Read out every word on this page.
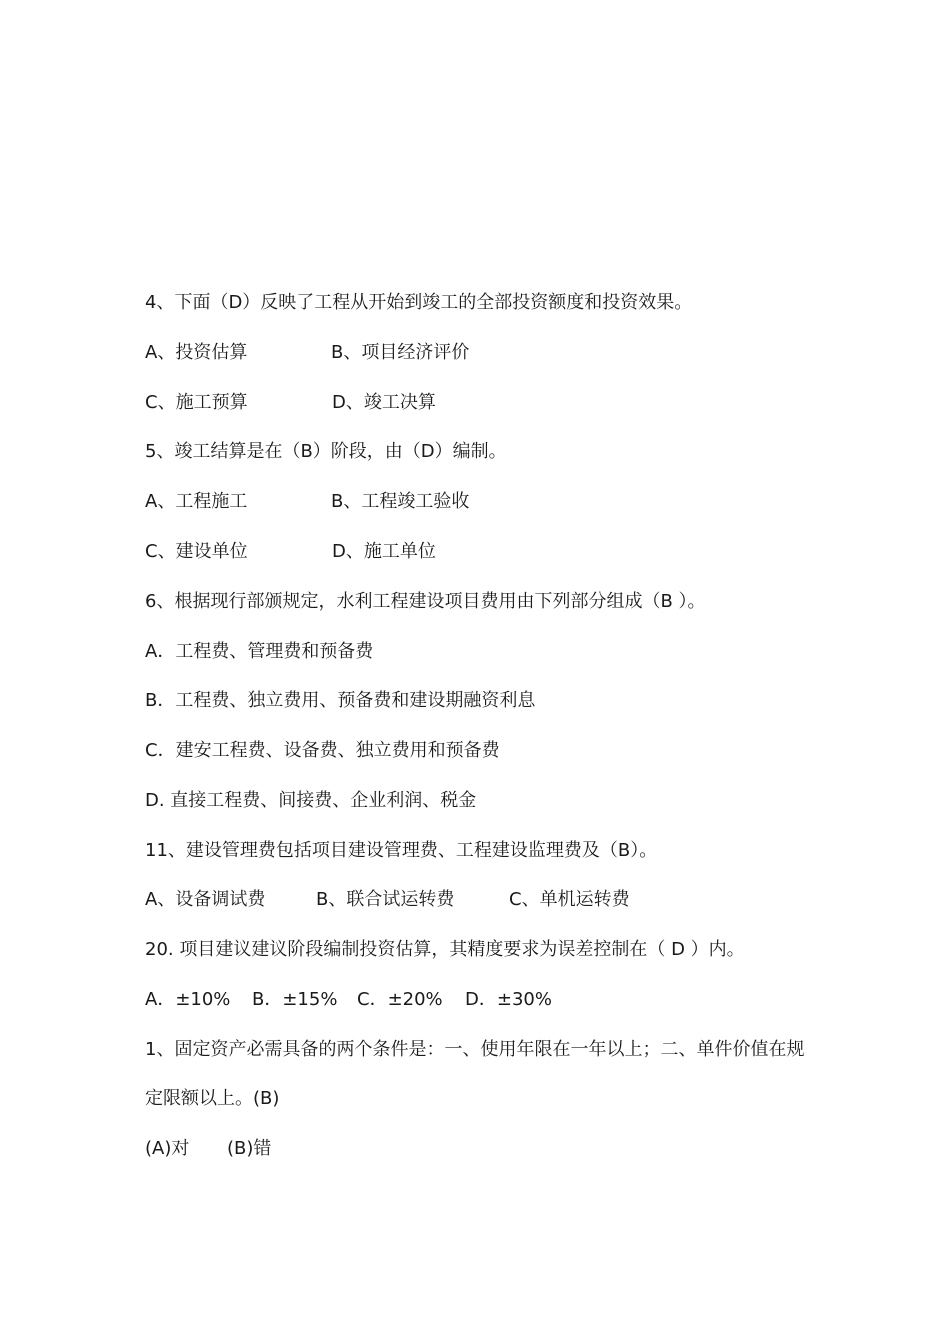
4、下面（D）反映了工程从开始到竣工的全部投资额度和投资效果。
A、投资估算	B、项目经济评价
C、施工预算	D、竣工决算
5、竣工结算是在（B）阶段，由（D）编制。
A、工程施工	B、工程竣工验收
C、建设单位	D、施工单位
6、根据现行部颁规定，水利工程建设项目费用由下列部分组成（B ）。
A．工程费、管理费和预备费
B．工程费、独立费用、预备费和建设期融资利息
C．建安工程费、设备费、独立费用和预备费
D. 直接工程费、间接费、企业利润、税金
11、建设管理费包括项目建设管理费、工程建设监理费及（B）。
A、设备调试费	B、联合试运转费	C、单机运转费
20. 项目建议建议阶段编制投资估算，其精度要求为误差控制在（ D ）内。
A．±10% B．±15% C．±20% D．±30%
1、固定资产必需具备的两个条件是：一、使用年限在一年以上；二、单件价值在规
定限额以上。(B)
(A)对 (B)错
